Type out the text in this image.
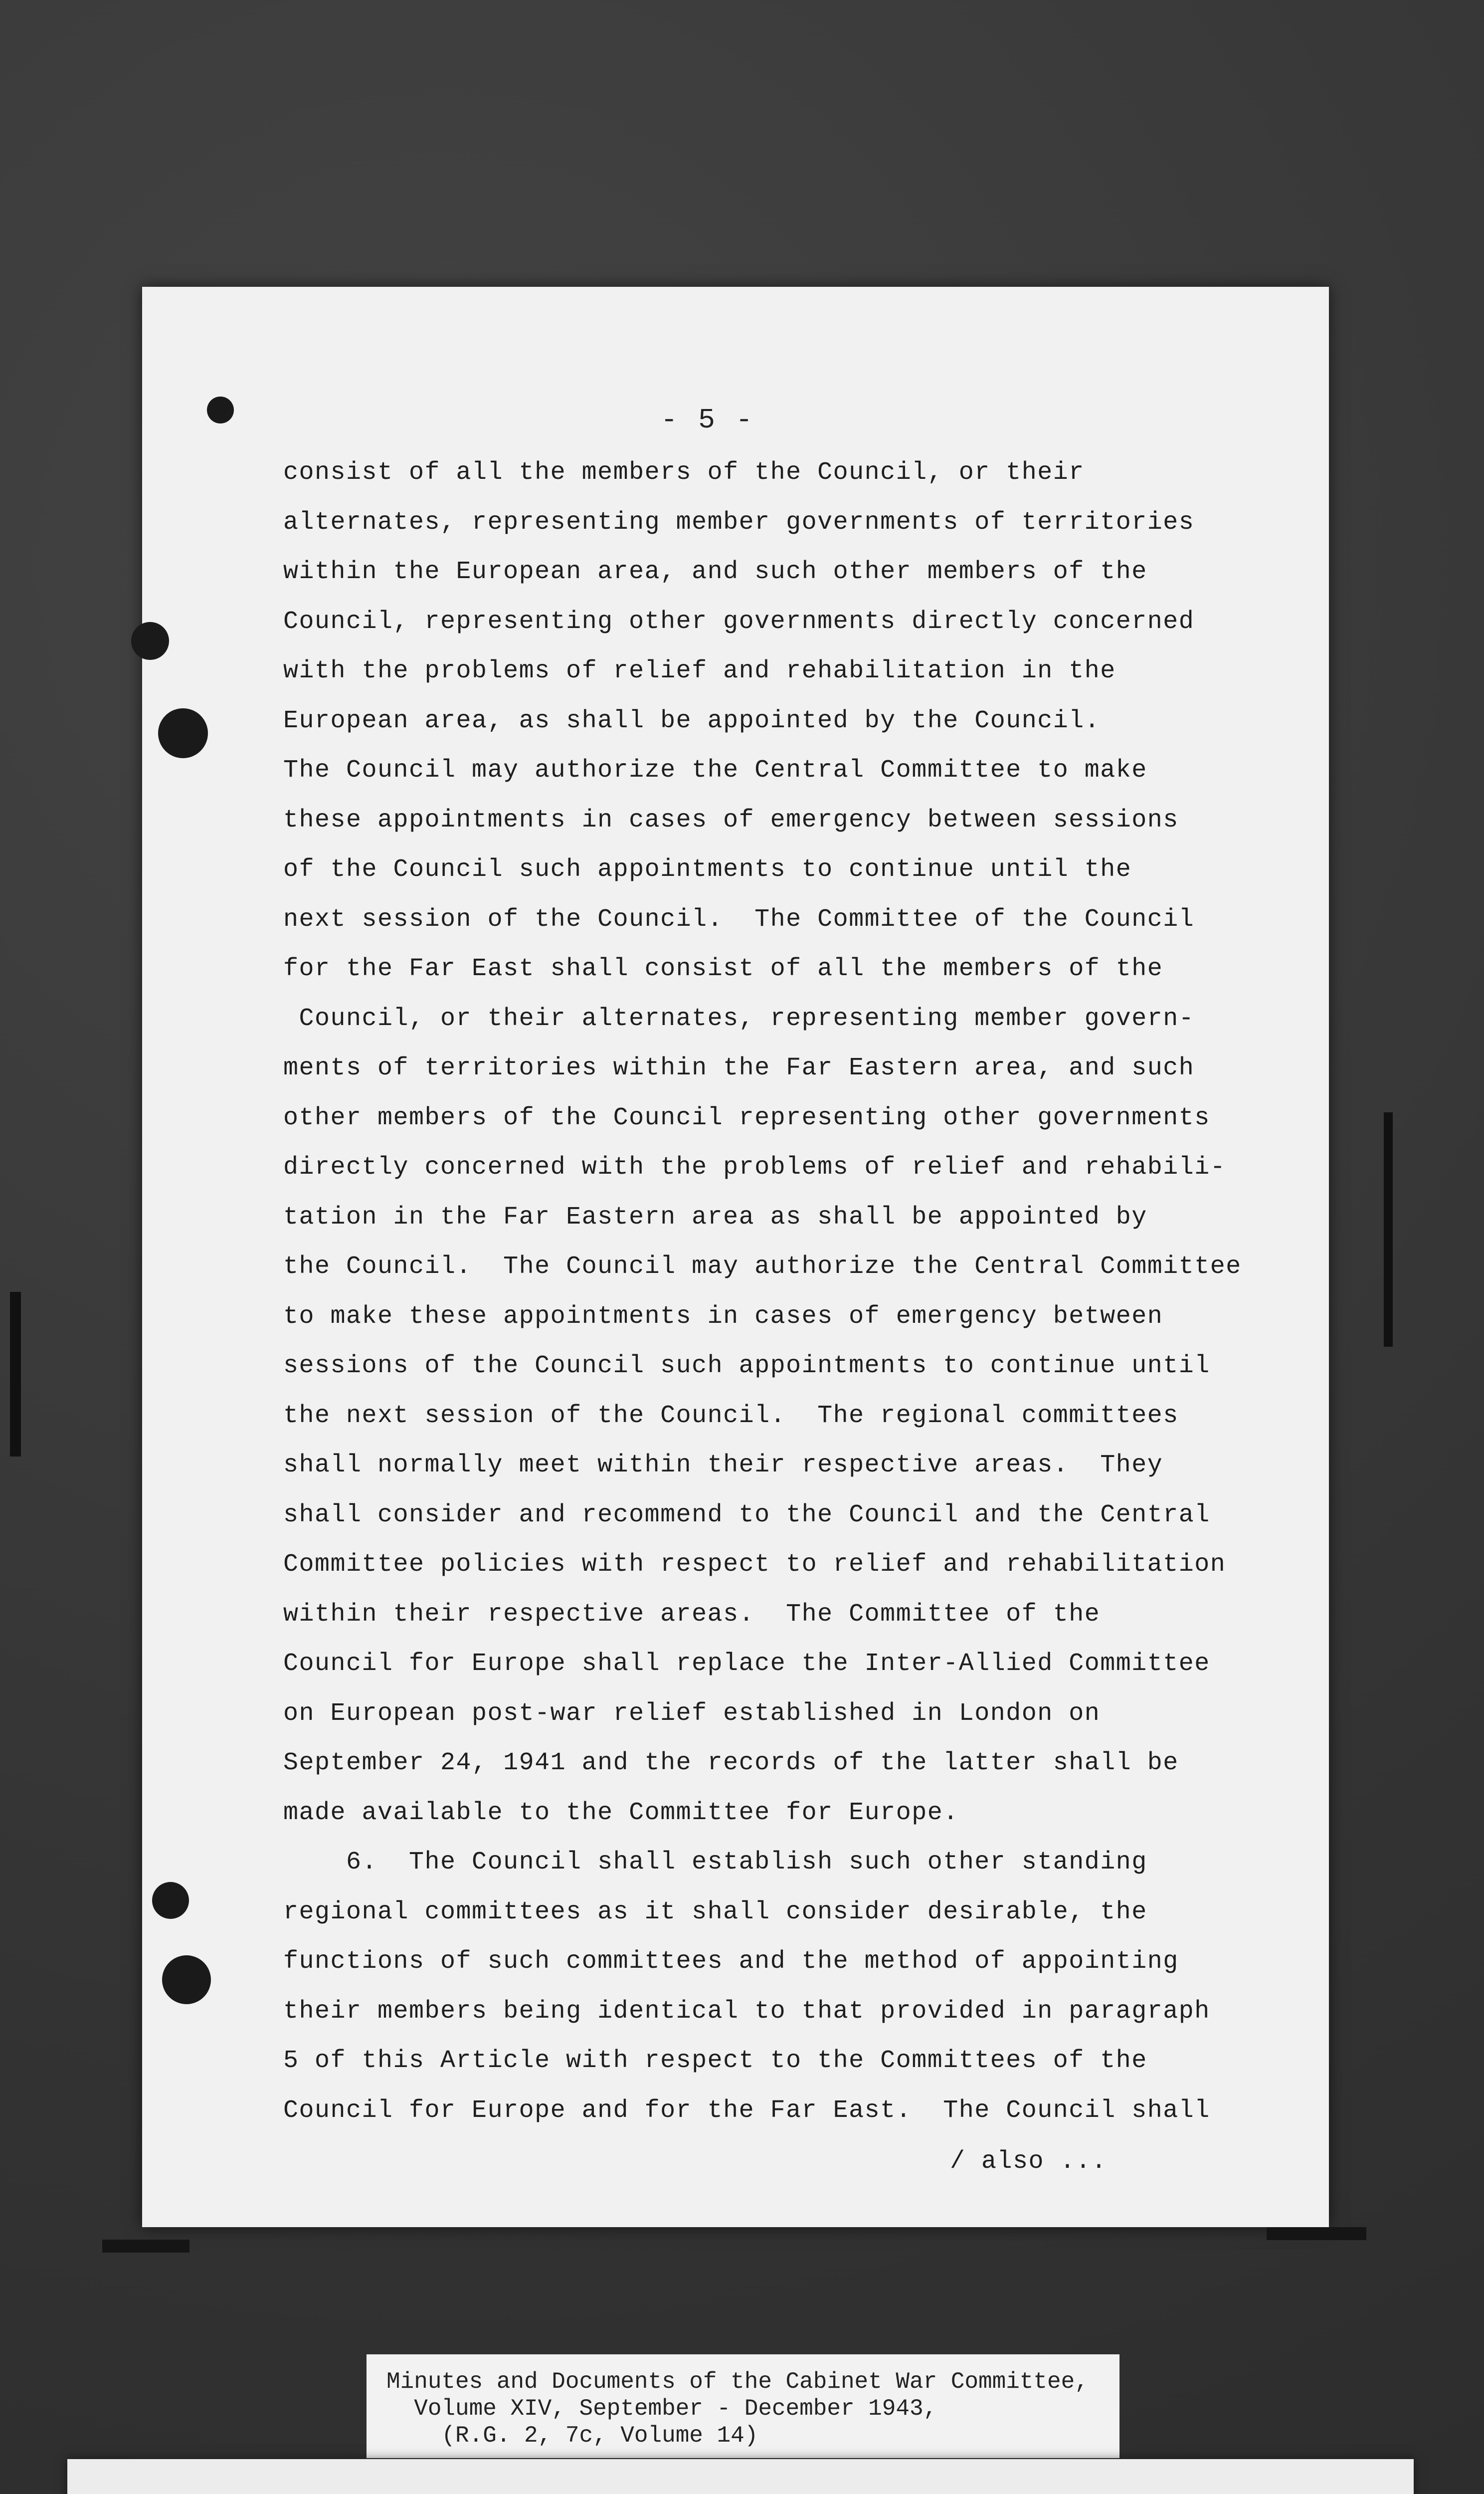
- 5 -
consist of all the members of the Council, or their
alternates, representing member governments of territories
within the European area, and such other members of the
Council, representing other governments directly concerned
with the problems of relief and rehabilitation in the
European area, as shall be appointed by the Council.
The Council may authorize the Central Committee to make
these appointments in cases of emergency between sessions
of the Council such appointments to continue until the
next session of the Council.  The Committee of the Council
for the Far East shall consist of all the members of the
Council, or their alternates, representing member govern-
ments of territories within the Far Eastern area, and such
other members of the Council representing other governments
directly concerned with the problems of relief and rehabili-
tation in the Far Eastern area as shall be appointed by
the Council.  The Council may authorize the Central Committee
to make these appointments in cases of emergency between
sessions of the Council such appointments to continue until
the next session of the Council.  The regional committees
shall normally meet within their respective areas.  They
shall consider and recommend to the Council and the Central
Committee policies with respect to relief and rehabilitation
within their respective areas.  The Committee of the
Council for Europe shall replace the Inter-Allied Committee
on European post-war relief established in London on
September 24, 1941 and the records of the latter shall be
made available to the Committee for Europe.
6.  The Council shall establish such other standing
regional committees as it shall consider desirable, the
functions of such committees and the method of appointing
their members being identical to that provided in paragraph
5 of this Article with respect to the Committees of the
Council for Europe and for the Far East.  The Council shall
/ also ...
Minutes and Documents of the Cabinet War Committee,
Volume XIV, September - December 1943,
(R.G. 2, 7c, Volume 14)
